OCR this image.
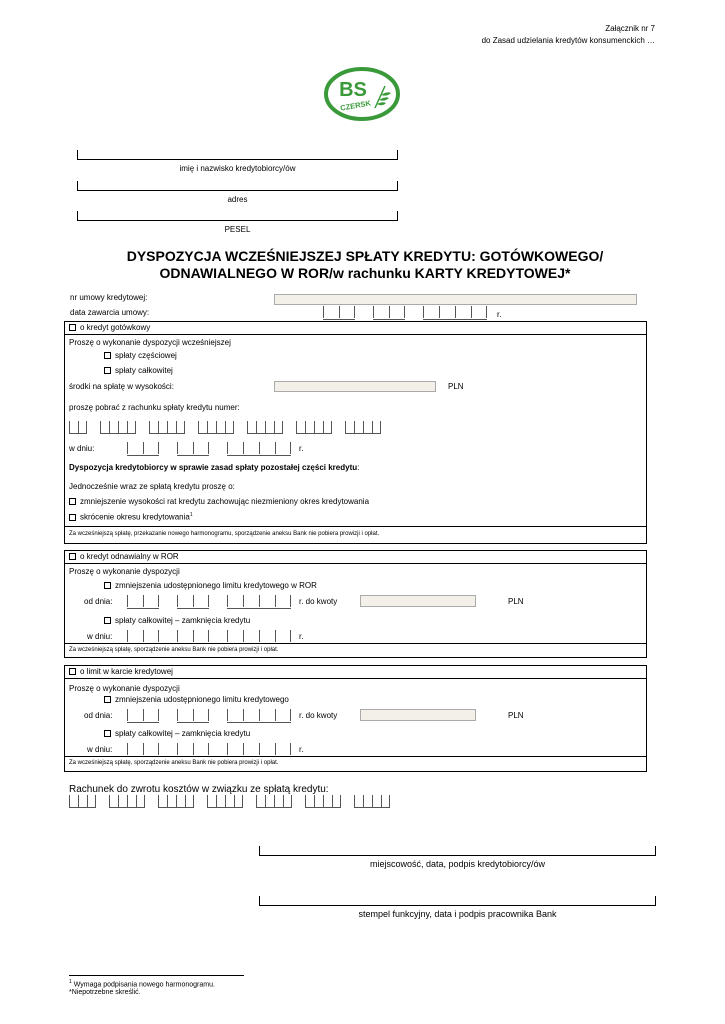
Załącznik nr 7
do Zasad udzielania kredytów konsumenckich …
BS
CZERSK
imię i nazwisko kredytobiorcy/ów
adres
PESEL
DYSPOZYCJA WCZEŚNIEJSZEJ SPŁATY KREDYTU: GOTÓWKOWEGO/
ODNAWIALNEGO W ROR/w rachunku KARTY KREDYTOWEJ*
nr umowy kredytowej:
data zawarcia umowy:	r.
o kredyt gotówkowy
Proszę o wykonanie dyspozycji wcześniejszej
spłaty częściowej
spłaty całkowitej
środki na spłatę w wysokości:	PLN
proszę pobrać z rachunku spłaty kredytu numer:
w dniu:	r.
Dyspozycja kredytobiorcy w sprawie zasad spłaty pozostałej części kredytu:
Jednocześnie wraz ze spłatą kredytu proszę o:
zmniejszenie wysokości rat kredytu zachowując niezmieniony okres kredytowania
skrócenie okresu kredytowania$^1$
Za wcześniejszą spłatę, przekazanie nowego harmonogramu, sporządzenie aneksu Bank nie pobiera prowizji i opłat.
o kredyt odnawialny w ROR
Proszę o wykonanie dyspozycji
zmniejszenia udostępnionego limitu kredytowego w ROR
od dnia:	r. do kwoty	PLN
spłaty całkowitej – zamknięcia kredytu
w dniu:	r.
Za wcześniejszą spłatę, sporządzenie aneksu Bank nie pobiera prowizji i opłat.
o limit w karcie kredytowej
Proszę o wykonanie dyspozycji
zmniejszenia udostępnionego limitu kredytowego
od dnia:	r. do kwoty	PLN
spłaty całkowitej – zamknięcia kredytu
w dniu:	r.
Za wcześniejszą spłatę, sporządzenie aneksu Bank nie pobiera prowizji i opłat.
Rachunek do zwrotu kosztów w związku ze spłatą kredytu:
miejscowość, data, podpis kredytobiorcy/ów
stempel funkcyjny, data i podpis pracownika Bank
$^1$ Wymaga podpisania nowego harmonogramu.
*Niepotrzebne skreślić.
